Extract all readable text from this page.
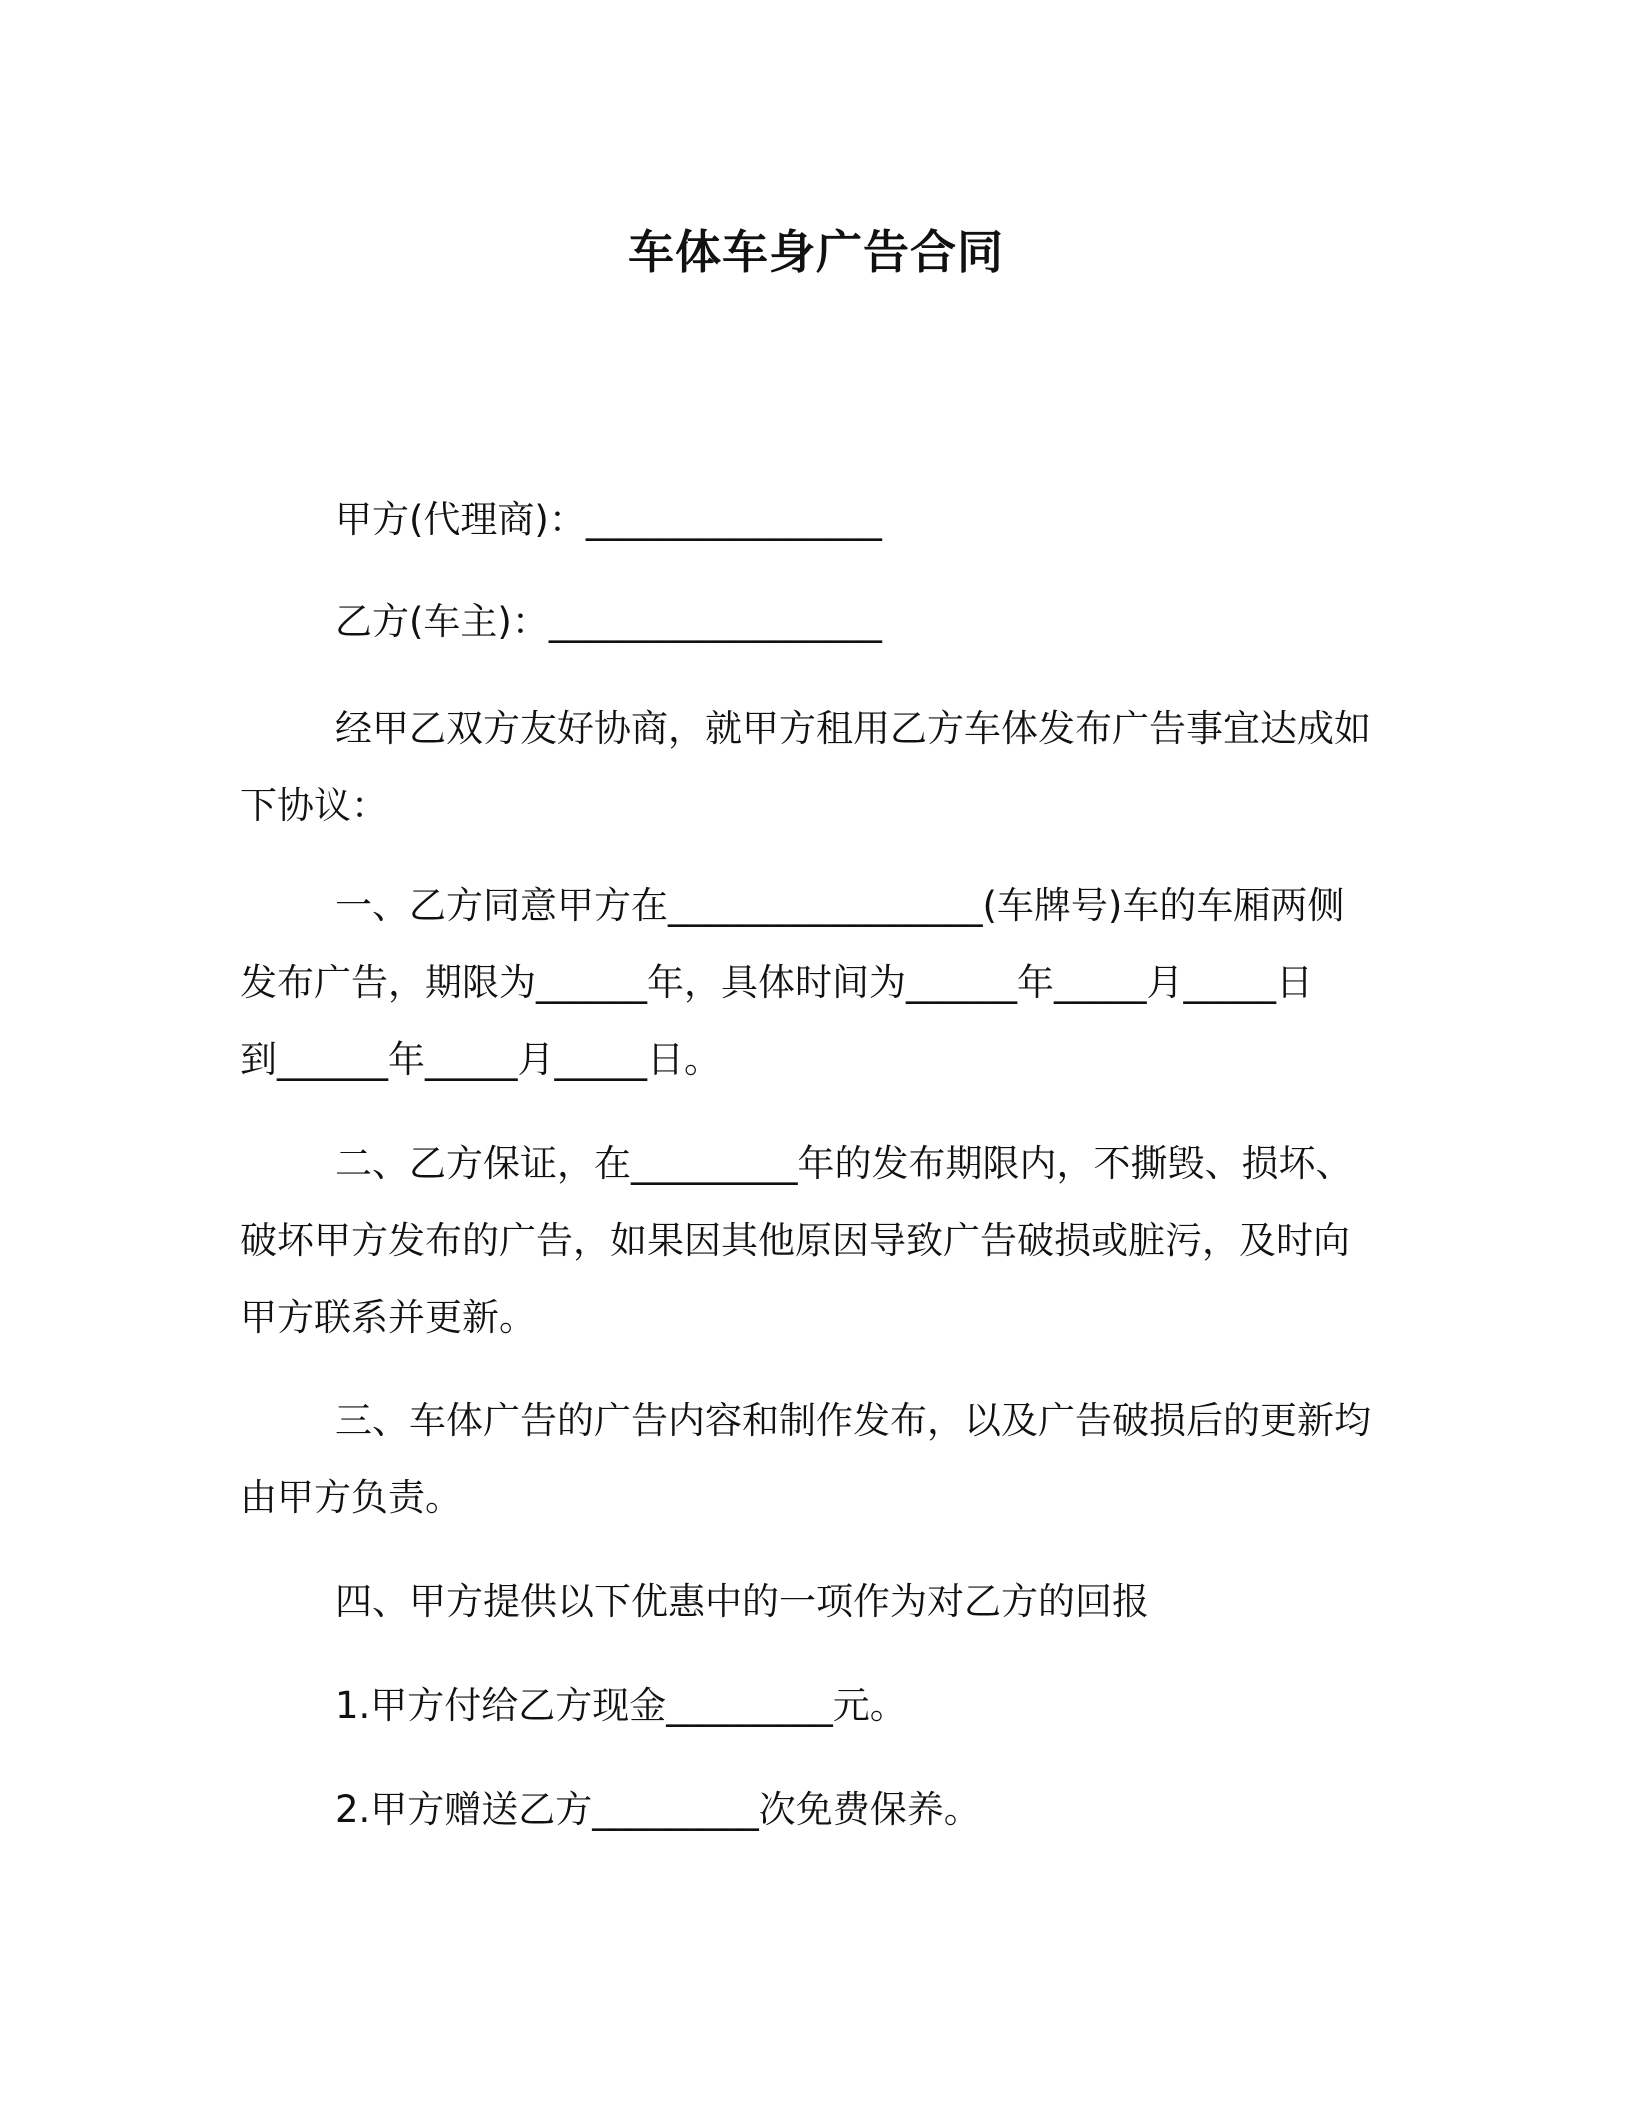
车体车身广告合同
甲方(代理商)：________________
乙方(车主)：__________________
经甲乙双方友好协商，就甲方租用乙方车体发布广告事宜达成如
下协议：
一、乙方同意甲方在_________________(车牌号)车的车厢两侧
发布广告，期限为______年，具体时间为______年_____月_____日
到______年_____月_____日。
二、乙方保证，在_________年的发布期限内，不撕毁、损坏、
破坏甲方发布的广告，如果因其他原因导致广告破损或脏污，及时向
甲方联系并更新。
三、车体广告的广告内容和制作发布，以及广告破损后的更新均
由甲方负责。
四、甲方提供以下优惠中的一项作为对乙方的回报
1.甲方付给乙方现金_________元。
2.甲方赠送乙方_________次免费保养。
